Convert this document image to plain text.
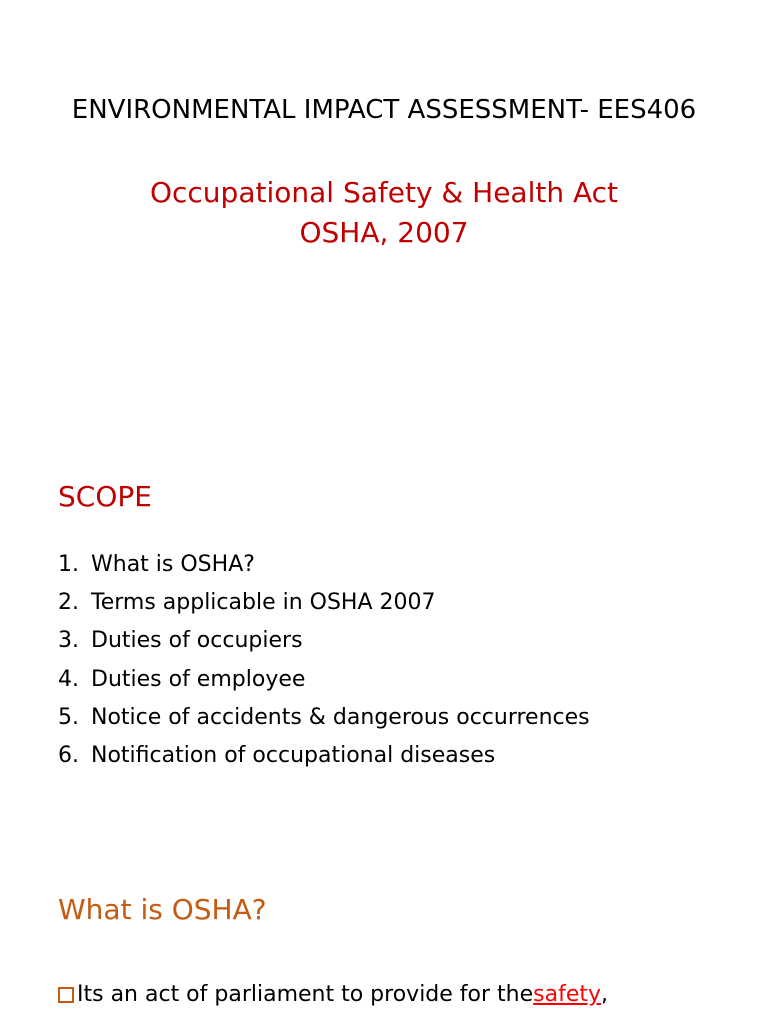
ENVIRONMENTAL IMPACT ASSESSMENT- EES406
Occupational Safety & Health Act
OSHA, 2007
SCOPE
1. What is OSHA?
2. Terms applicable in OSHA 2007
3. Duties of occupiers
4. Duties of employee
5. Notice of accidents & dangerous occurrences
6. Notification of occupational diseases
What is OSHA?
Its an act of parliament to provide for the safety ,
